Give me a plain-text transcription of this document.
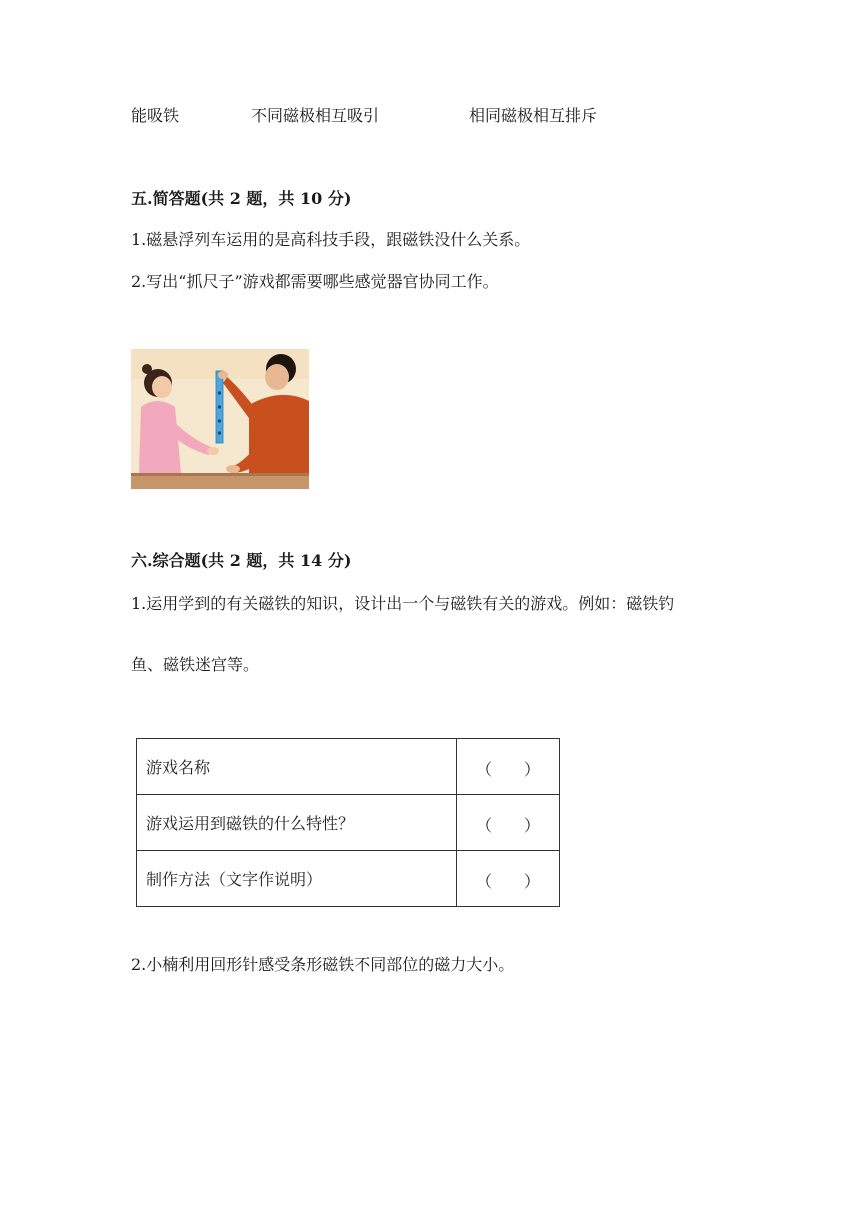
能吸铁	不同磁极相互吸引	相同磁极相互排斥
五.简答题(共 2 题，共 10 分)
1.磁悬浮列车运用的是高科技手段，跟磁铁没什么关系。
2.写出“抓尺子”游戏都需要哪些感觉器官协同工作。
六.综合题(共 2 题，共 14 分)
1.运用学到的有关磁铁的知识，设计出一个与磁铁有关的游戏。例如：磁铁钓
鱼、磁铁迷宫等。
游戏名称	（ ）

游戏运用到磁铁的什么特性？	（ ）

制作方法（文字作说明）	（ ）

2.小楠利用回形针感受条形磁铁不同部位的磁力大小。
